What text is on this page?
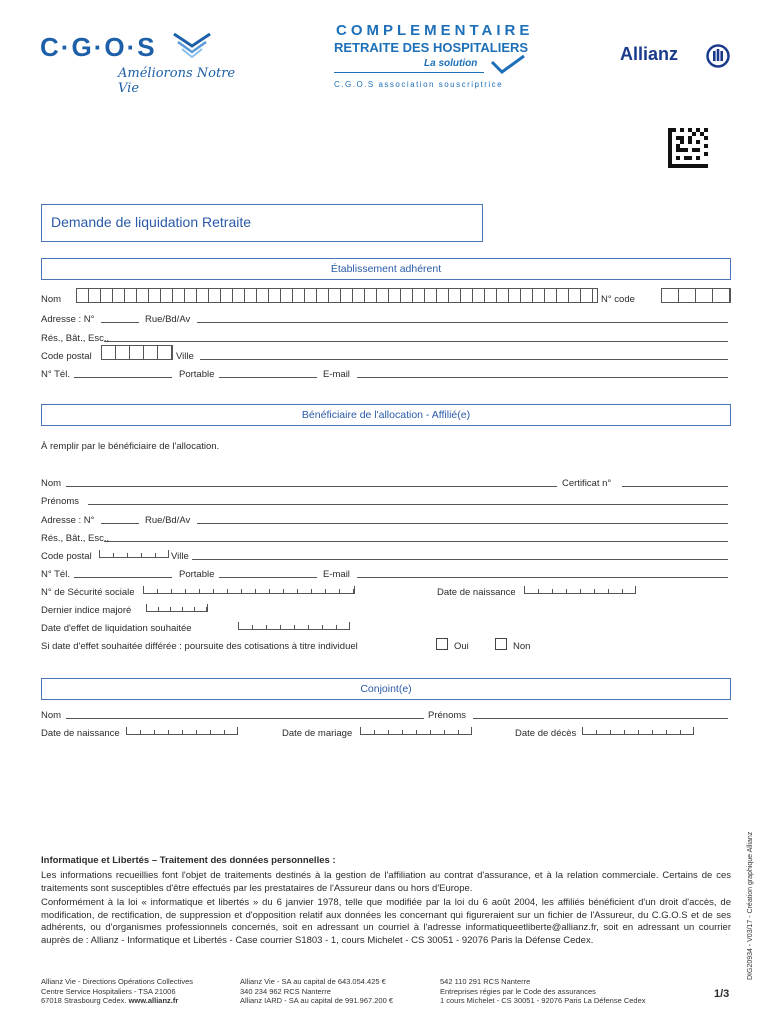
C·G·O·S
Améliorons Notre Vie
COMPLEMENTAIRE
RETRAITE DES HOSPITALIERS
La solution
C.G.O.S association souscriptrice
Allianz
Demande de liquidation Retraite
Établissement adhérent
Nom	N° code
Adresse : N°	Rue/Bd/Av
Rés., Bât., Esc.,
Code postal	Ville
N° Tél.	Portable	E-mail
Bénéficiaire de l'allocation - Affilié(e)
À remplir par le bénéficiaire de l'allocation.
Nom	Certificat n°
Prénoms
Adresse : N°	Rue/Bd/Av
Rés., Bât., Esc.,
Code postal	Ville
N° Tél.	Portable	E-mail
N° de Sécurité sociale	Date de naissance
Dernier indice majoré
Date d'effet de liquidation souhaitée
Si date d'effet souhaitée différée : poursuite des cotisations à titre individuel	Oui	Non
Conjoint(e)
Nom	Prénoms
Date de naissance	Date de mariage	Date de décès
Informatique et Libertés – Traitement des données personnelles :
Les informations recueillies font l'objet de traitements destinés à la gestion de l'affiliation au contrat d'assurance, et à la relation commerciale. Certains de ces traitements sont susceptibles d'être effectués par les prestataires de l'Assureur dans ou hors d'Europe.
Conformément à la loi « informatique et libertés » du 6 janvier 1978, telle que modifiée par la loi du 6 août 2004, les affiliés bénéficient d'un droit d'accès, de modification, de rectification, de suppression et d'opposition relatif aux données les concernant qui figureraient sur un fichier de l'Assureur, du C.G.O.S et de ses adhérents, ou d'organismes professionnels concernés, soit en adressant un courriel à l'adresse informatiqueetliberte@allianz.fr, soit en adressant un courrier auprès de : Allianz - Informatique et Libertés - Case courrier S1803 - 1, cours Michelet - CS 30051 - 92076 Paris la Défense Cedex.	DIG20934 - V03/17 - Création graphique Allianz
Allianz Vie - Directions Opérations Collectives
Centre Service Hospitaliers - TSA 21006
67018 Strasbourg Cedex. www.allianz.fr
Allianz Vie - SA au capital de 643.054.425 €
340 234 962 RCS Nanterre
Allianz IARD - SA au capital de 991.967.200 €
542 110 291 RCS Nanterre
Entreprises régies par le Code des assurances
1 cours Michelet - CS 30051 - 92076 Paris La Défense Cedex
1/3
